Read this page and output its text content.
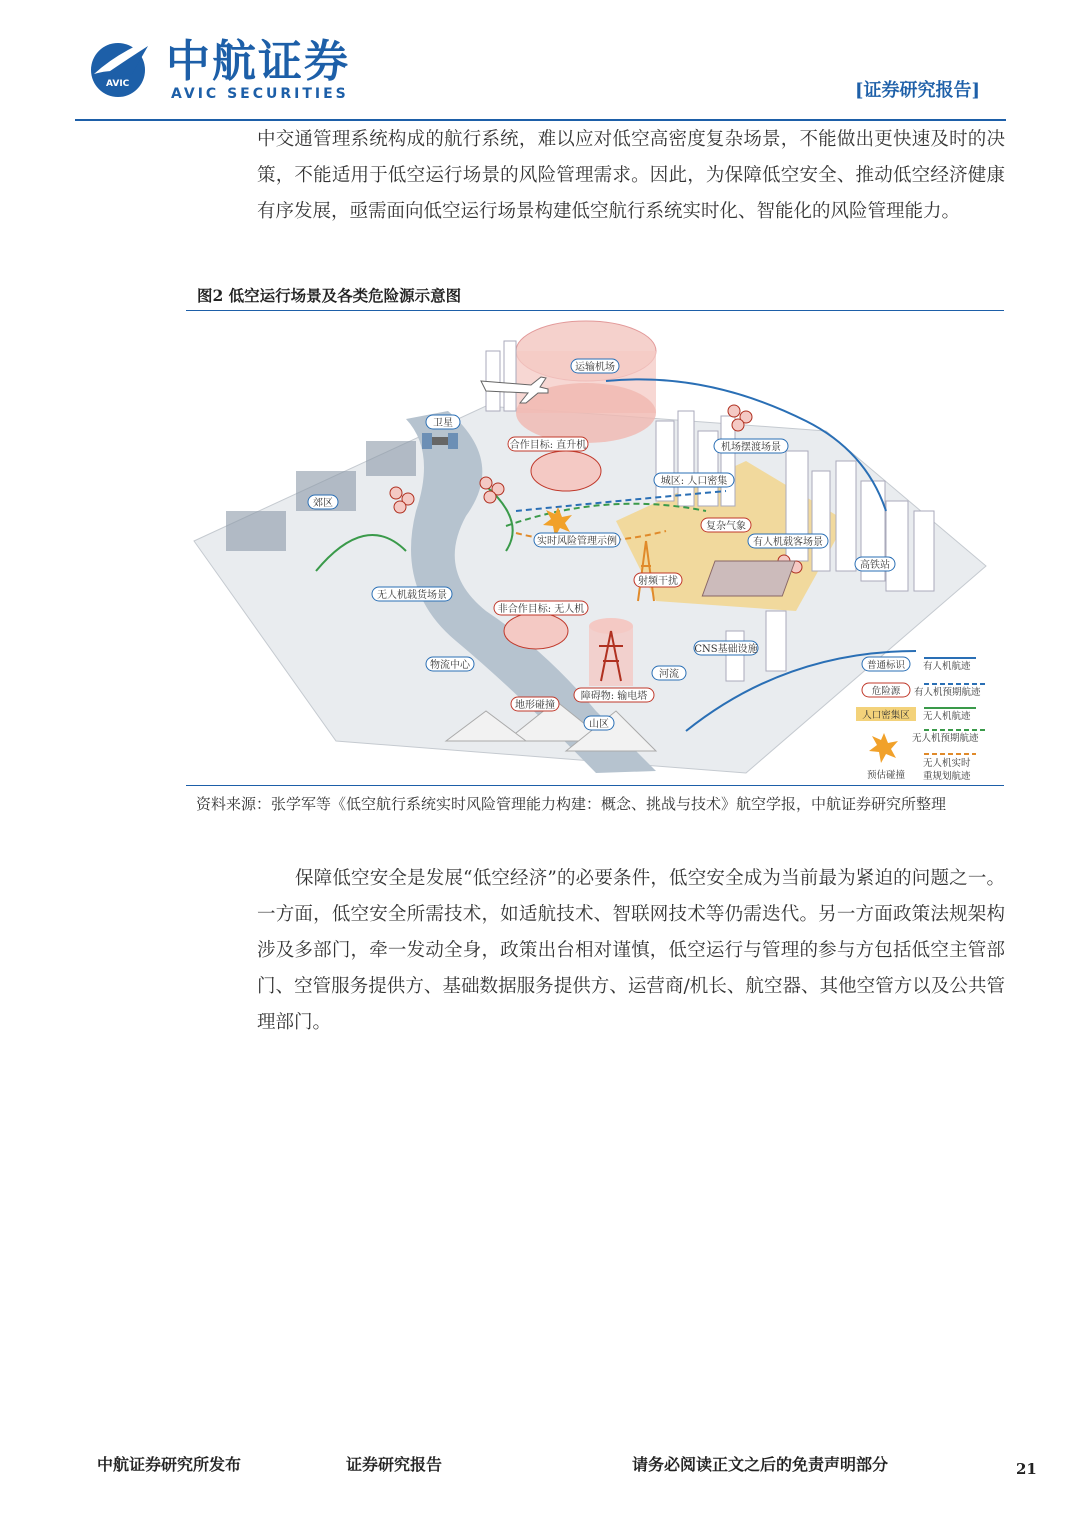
AVIC 中航证券
AVIC SECURITIES	[证券研究报告]

中交通管理系统构成的航行系统，难以应对低空高密度复杂场景，不能做出更快速及时的决策，不能适用于低空运行场景的风险管理需求。因此，为保障低空安全、推动低空经济健康有序发展，亟需面向低空运行场景构建低空航行系统实时化、智能化的风险管理能力。

图2 低空运行场景及各类危险源示意图
运输机场
卫星
合作目标: 直升机	机场摆渡场景
城区: 人口密集
郊区
复杂气象
实时风险管理示例	有人机载客场景
高铁站
射频干扰
无人机载货场景
非合作目标: 无人机
CNS基础设施
物流中心
河流
障碍物: 输电塔
地形碰撞
山区
普通标识
危险源
人口密集区
有人机航迹
有人机预期航迹
无人机航迹
无人机预期航迹
无人机实时
重规划航迹
预估碰撞

资料来源：张学军等《低空航行系统实时风险管理能力构建：概念、挑战与技术》航空学报，中航证券研究所整理

保障低空安全是发展“低空经济”的必要条件，低空安全成为当前最为紧迫的问题之一。一方面，低空安全所需技术，如适航技术、智联网技术等仍需迭代。另一方面政策法规架构涉及多部门，牵一发动全身，政策出台相对谨慎，低空运行与管理的参与方包括低空主管部门、空管服务提供方、基础数据服务提供方、运营商/机长、航空器、其他空管方以及公共管理部门。

中航证券研究所发布	证券研究报告	请务必阅读正文之后的免责声明部分	21
